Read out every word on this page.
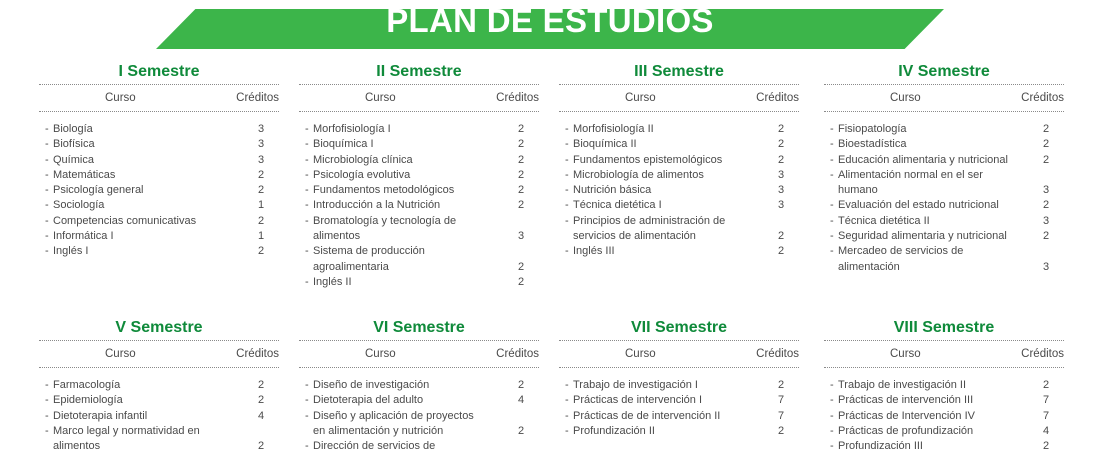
PLAN DE ESTUDIOS
I Semestre
Curso	Créditos
- Biología	3
- Biofísica	3
- Química	3
- Matemáticas	2
- Psicología general	2
- Sociología	1
- Competencias comunicativas	2
- Informática I	1
- Inglés I	2
II Semestre
Curso	Créditos
- Morfofisiología I	2
- Bioquímica I	2
- Microbiología clínica	2
- Psicología evolutiva	2
- Fundamentos metodológicos	2
- Introducción a la Nutrición	2
- Bromatología y tecnología de alimentos	3
- Sistema de producción agroalimentaria	2
- Inglés II	2
III Semestre
Curso	Créditos
- Morfofisiología II	2
- Bioquímica II	2
- Fundamentos epistemológicos	2
- Microbiología de alimentos	3
- Nutrición básica	3
- Técnica dietética I	3
- Principios de administración de servicios de alimentación	2
- Inglés III	2
IV Semestre
Curso	Créditos
- Fisiopatología	2
- Bioestadística	2
- Educación alimentaria y nutricional	2
- Alimentación normal en el ser humano	3
- Evaluación del estado nutricional	2
- Técnica dietética II	3
- Seguridad alimentaria y nutricional	2
- Mercadeo de servicios de alimentación	3
V Semestre
Curso	Créditos
- Farmacología	2
- Epidemiología	2
- Dietoterapia infantil	4
- Marco legal y normatividad en alimentos	2
VI Semestre
Curso	Créditos
- Diseño de investigación	2
- Dietoterapia del adulto	4
- Diseño y aplicación de proyectos en alimentación y nutrición	2
- Dirección de servicios de
VII Semestre
Curso	Créditos
- Trabajo de investigación I	2
- Prácticas de intervención I	7
- Prácticas de de intervención II	7
- Profundización II	2
VIII Semestre
Curso	Créditos
- Trabajo de investigación II	2
- Prácticas de intervención III	7
- Prácticas de Intervención IV	7
- Prácticas de profundización	4
- Profundización III	2
